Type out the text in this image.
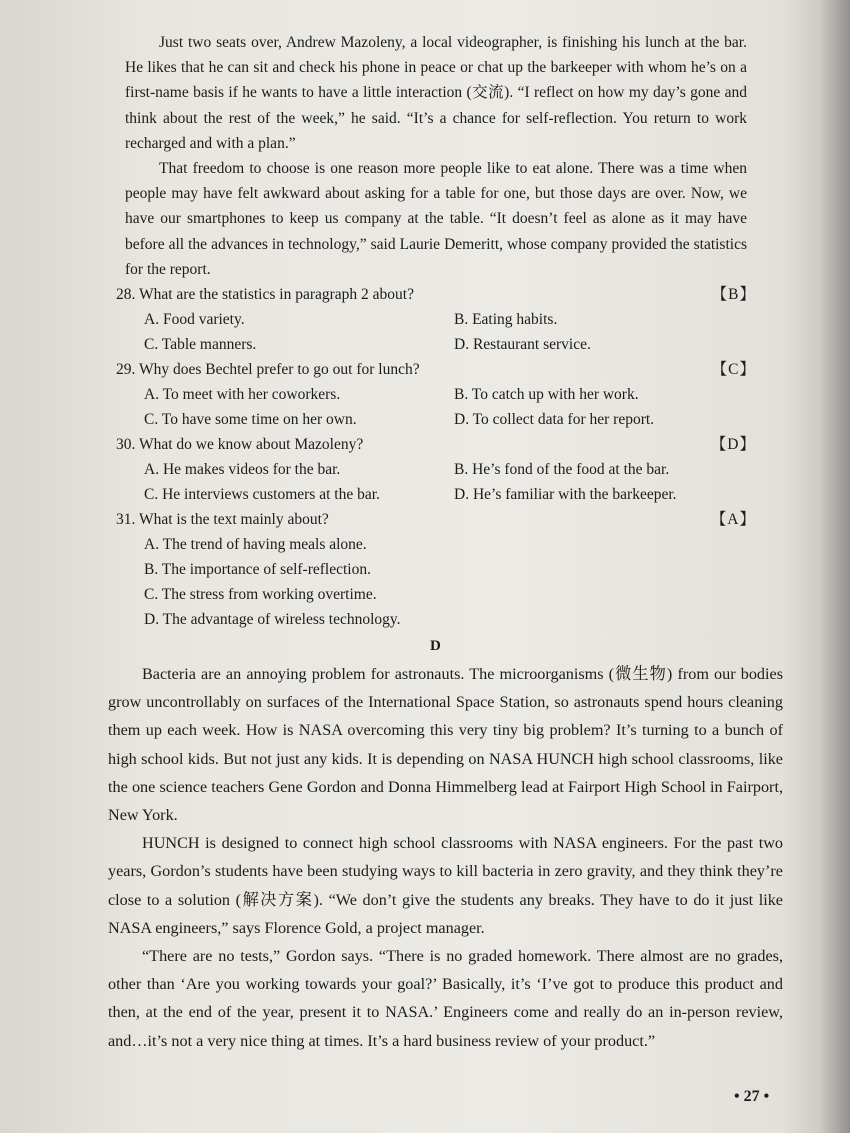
Just two seats over, Andrew Mazoleny, a local videographer, is finishing his lunch at the bar. He likes that he can sit and check his phone in peace or chat up the barkeeper with whom he’s on a first-name basis if he wants to have a little interaction (交流). “I reflect on how my day’s gone and think about the rest of the week,” he said. “It’s a chance for self-reflection. You return to work recharged and with a plan.”

That freedom to choose is one reason more people like to eat alone. There was a time when people may have felt awkward about asking for a table for one, but those days are over. Now, we have our smartphones to keep us company at the table. “It doesn’t feel as alone as it may have before all the advances in technology,” said Laurie Demeritt, whose company provided the statistics for the report.

28. What are the statistics in paragraph 2 about?	【B】
A. Food variety.	B. Eating habits.
C. Table manners.	D. Restaurant service.
29. Why does Bechtel prefer to go out for lunch?	【C】
A. To meet with her coworkers.	B. To catch up with her work.
C. To have some time on her own.	D. To collect data for her report.
30. What do we know about Mazoleny?	【D】
A. He makes videos for the bar.	B. He’s fond of the food at the bar.
C. He interviews customers at the bar.	D. He’s familiar with the barkeeper.
31. What is the text mainly about?	【A】
A. The trend of having meals alone.
B. The importance of self-reflection.
C. The stress from working overtime.
D. The advantage of wireless technology.
D

Bacteria are an annoying problem for astronauts. The microorganisms (微生物) from our bodies grow uncontrollably on surfaces of the International Space Station, so astronauts spend hours cleaning them up each week. How is NASA overcoming this very tiny big problem? It’s turning to a bunch of high school kids. But not just any kids. It is depending on NASA HUNCH high school classrooms, like the one science teachers Gene Gordon and Donna Himmelberg lead at Fairport High School in Fairport, New York.

HUNCH is designed to connect high school classrooms with NASA engineers. For the past two years, Gordon’s students have been studying ways to kill bacteria in zero gravity, and they think they’re close to a solution (解决方案). “We don’t give the students any breaks. They have to do it just like NASA engineers,” says Florence Gold, a project manager.

“There are no tests,” Gordon says. “There is no graded homework. There almost are no grades, other than ‘Are you working towards your goal?’ Basically, it’s ‘I’ve got to produce this product and then, at the end of the year, present it to NASA.’ Engineers come and really do an in-person review, and…it’s not a very nice thing at times. It’s a hard business review of your product.”

• 27 •
